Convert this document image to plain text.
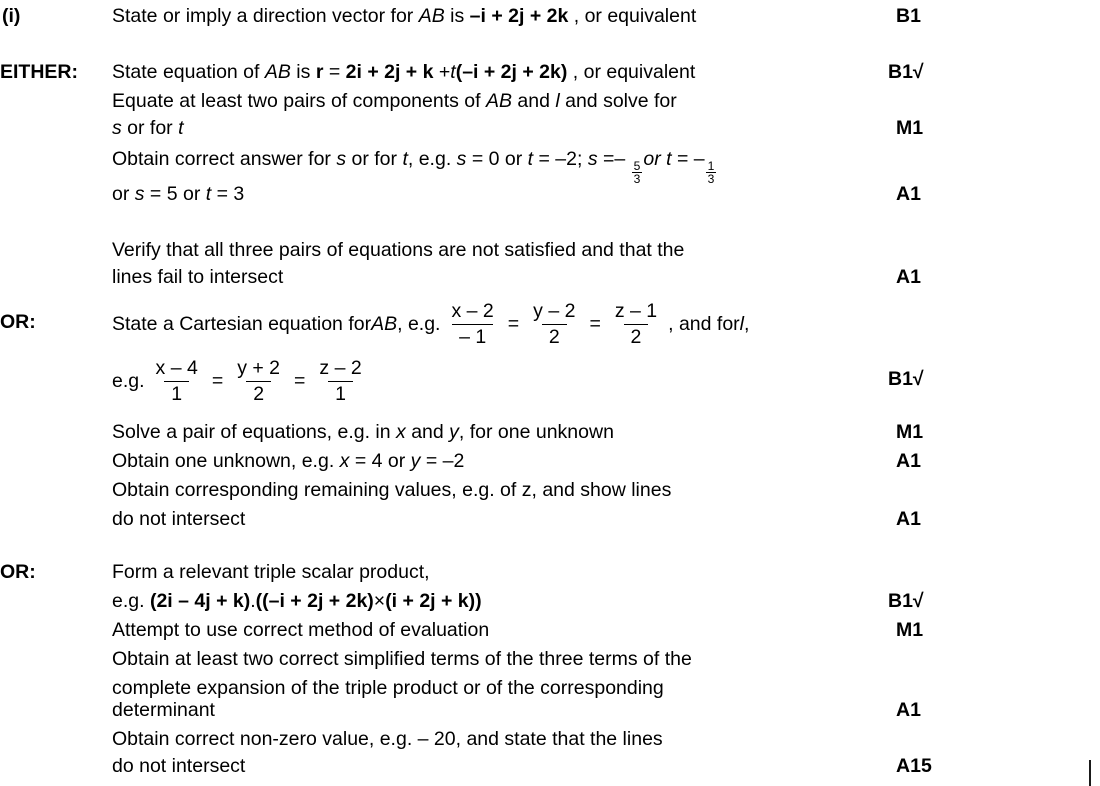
(i)	State or imply a direction vector for AB is –i + 2j + 2k , or equivalent	B1
EITHER: State equation of AB is r = 2i + 2j + k +t(–i + 2j + 2k) , or equivalent	B1√
Equate at least two pairs of components of AB and l and solve for
s or for t	M1
Obtain correct answer for s or for t, e.g. s = 0 or t = –2; s =–
$\frac{5}{3}$
or t = –
$\frac{1}{3}$
or s = 5 or t = 3	A1
Verify that all three pairs of equations are not satisfied and that the
lines fail to intersect	A1
OR:	State a Cartesian equation for AB , e.g. $\frac{x - 2}{- 1} = \frac{y - 2}{2} = \frac{z - 1}{2}$ , and for l ,
e.g. $\frac{x - 4}{1} = \frac{y + 2}{2} = \frac{z - 2}{1}$	B1√
Solve a pair of equations, e.g. in x and y, for one unknown	M1
Obtain one unknown, e.g. x = 4 or y = –2	A1
Obtain corresponding remaining values, e.g. of z, and show lines
do not intersect	A1
OR:	Form a relevant triple scalar product,
e.g. (2i – 4j + k).((–i + 2j + 2k)×(i + 2j + k))	B1√
Attempt to use correct method of evaluation	M1
Obtain at least two correct simplified terms of the three terms of the
complete expansion of the triple product or of the corresponding
determinant	A1
Obtain correct non-zero value, e.g. – 20, and state that the lines
do not intersect	A15
